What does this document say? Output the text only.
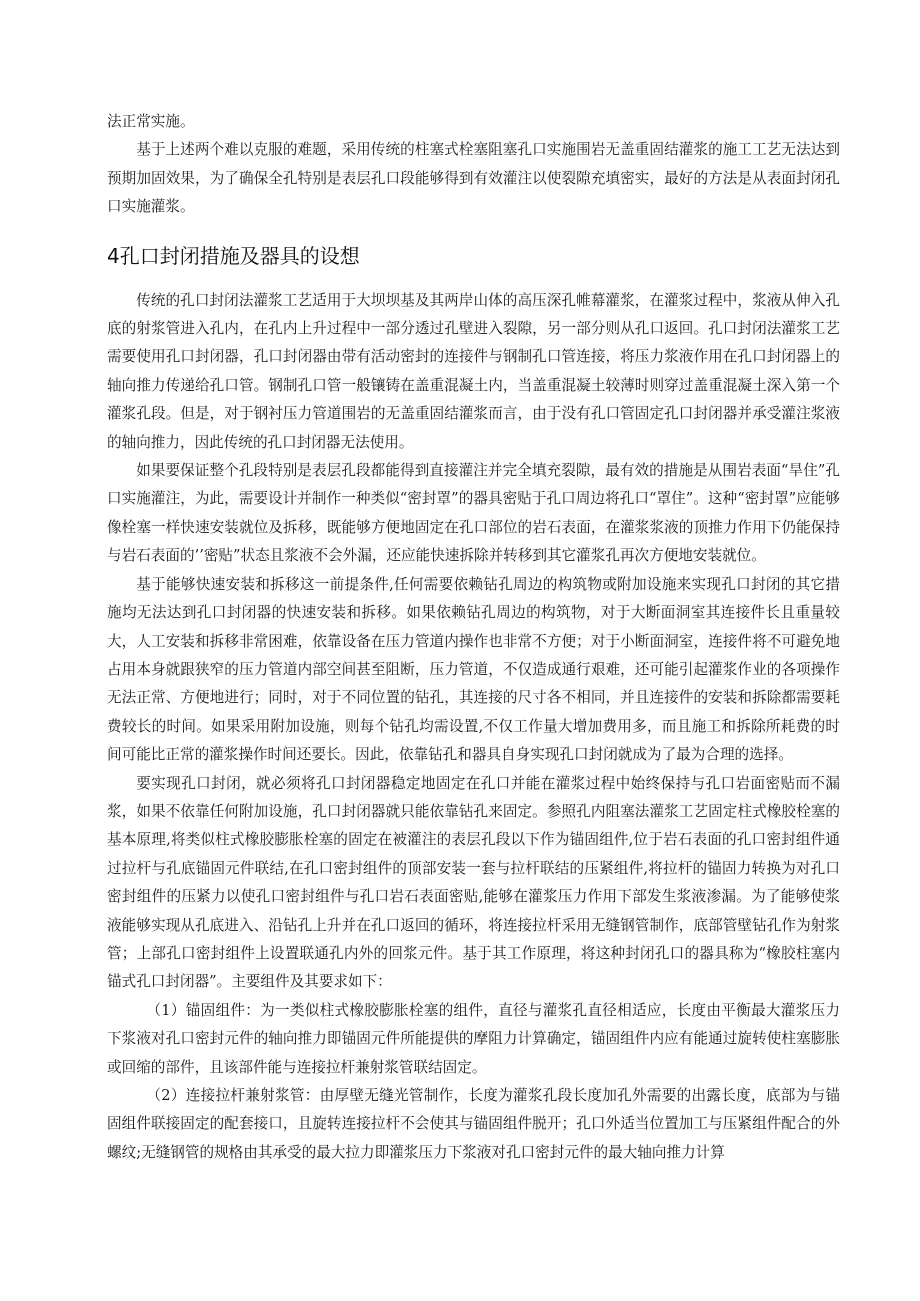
法正常实施。

基于上述两个难以克服的难题，采用传统的柱塞式栓塞阻塞孔口实施围岩无盖重固结灌浆的施工工艺无法达到预期加固效果，为了确保全孔特别是表层孔口段能够得到有效灌注以使裂隙充填密实，最好的方法是从表面封闭孔口实施灌浆。

4孔口封闭措施及器具的设想

传统的孔口封闭法灌浆工艺适用于大坝坝基及其两岸山体的高压深孔帷幕灌浆，在灌浆过程中，浆液从伸入孔底的射浆管进入孔内，在孔内上升过程中一部分透过孔壁进入裂隙，另一部分则从孔口返回。孔口封闭法灌浆工艺需要使用孔口封闭器，孔口封闭器由带有活动密封的连接件与钢制孔口管连接，将压力浆液作用在孔口封闭器上的轴向推力传递给孔口管。钢制孔口管一般镶铸在盖重混凝土内，当盖重混凝土较薄时则穿过盖重混凝土深入第一个灌浆孔段。但是，对于钢衬压力管道围岩的无盖重固结灌浆而言，由于没有孔口管固定孔口封闭器并承受灌注浆液的轴向推力，因此传统的孔口封闭器无法使用。

如果要保证整个孔段特别是表层孔段都能得到直接灌注并完全填充裂隙，最有效的措施是从围岩表面“旱住”孔口实施灌注，为此，需要设计并制作一种类似“密封罩”的器具密贴于孔口周边将孔口“罩住”。这种“密封罩”应能够像栓塞一样快速安装就位及拆移，既能够方便地固定在孔口部位的岩石表面，在灌浆浆液的顶推力作用下仍能保持与岩石表面的’’密贴”状态且浆液不会外漏，还应能快速拆除并转移到其它灌浆孔再次方便地安装就位。

基于能够快速安装和拆移这一前提条件,任何需要依赖钻孔周边的构筑物或附加设施来实现孔口封闭的其它措施均无法达到孔口封闭器的快速安装和拆移。如果依赖钻孔周边的构筑物，对于大断面洞室其连接件长且重量较大，人工安装和拆移非常困难，依靠设备在压力管道内操作也非常不方便；对于小断面洞室，连接件将不可避免地占用本身就跟狭窄的压力管道内部空间甚至阻断，压力管道，不仅造成通行艰难，还可能引起灌浆作业的各项操作无法正常、方便地进行；同时，对于不同位置的钻孔，其连接的尺寸各不相同，并且连接件的安装和拆除都需要耗费较长的时间。如果采用附加设施，则每个钻孔均需设置,不仅工作量大增加费用多，而且施工和拆除所耗费的时间可能比正常的灌浆操作时间还要长。因此，依靠钻孔和器具自身实现孔口封闭就成为了最为合理的选择。

要实现孔口封闭，就必须将孔口封闭器稳定地固定在孔口并能在灌浆过程中始终保持与孔口岩面密贴而不漏浆，如果不依靠任何附加设施，孔口封闭器就只能依靠钻孔来固定。参照孔内阻塞法灌浆工艺固定柱式橡胶栓塞的基本原理,将类似柱式橡胶膨胀栓塞的固定在被灌注的表层孔段以下作为锚固组件,位于岩石表面的孔口密封组件通过拉杆与孔底锚固元件联结,在孔口密封组件的顶部安装一套与拉杆联结的压紧组件,将拉杆的锚固力转换为对孔口密封组件的压紧力以使孔口密封组件与孔口岩石表面密贴,能够在灌浆压力作用下部发生浆液渗漏。为了能够使浆液能够实现从孔底进入、沿钻孔上升并在孔口返回的循环，将连接拉杆采用无缝钢管制作，底部管壁钻孔作为射浆管；上部孔口密封组件上设置联通孔内外的回浆元件。基于其工作原理，将这种封闭孔口的器具称为“橡胶柱塞内锚式孔口封闭器”。主要组件及其要求如下：

（1）锚固组件：为一类似柱式橡胶膨胀栓塞的组件，直径与灌浆孔直径相适应，长度由平衡最大灌浆压力下浆液对孔口密封元件的轴向推力即锚固元件所能提供的摩阻力计算确定，锚固组件内应有能通过旋转使柱塞膨胀或回缩的部件，且该部件能与连接拉杆兼射浆管联结固定。

（2）连接拉杆兼射浆管：由厚壁无缝光管制作，长度为灌浆孔段长度加孔外需要的出露长度，底部为与锚固组件联接固定的配套接口，且旋转连接拉杆不会使其与锚固组件脱开；孔口外适当位置加工与压紧组件配合的外螺纹;无缝钢管的规格由其承受的最大拉力即灌浆压力下浆液对孔口密封元件的最大轴向推力计算
